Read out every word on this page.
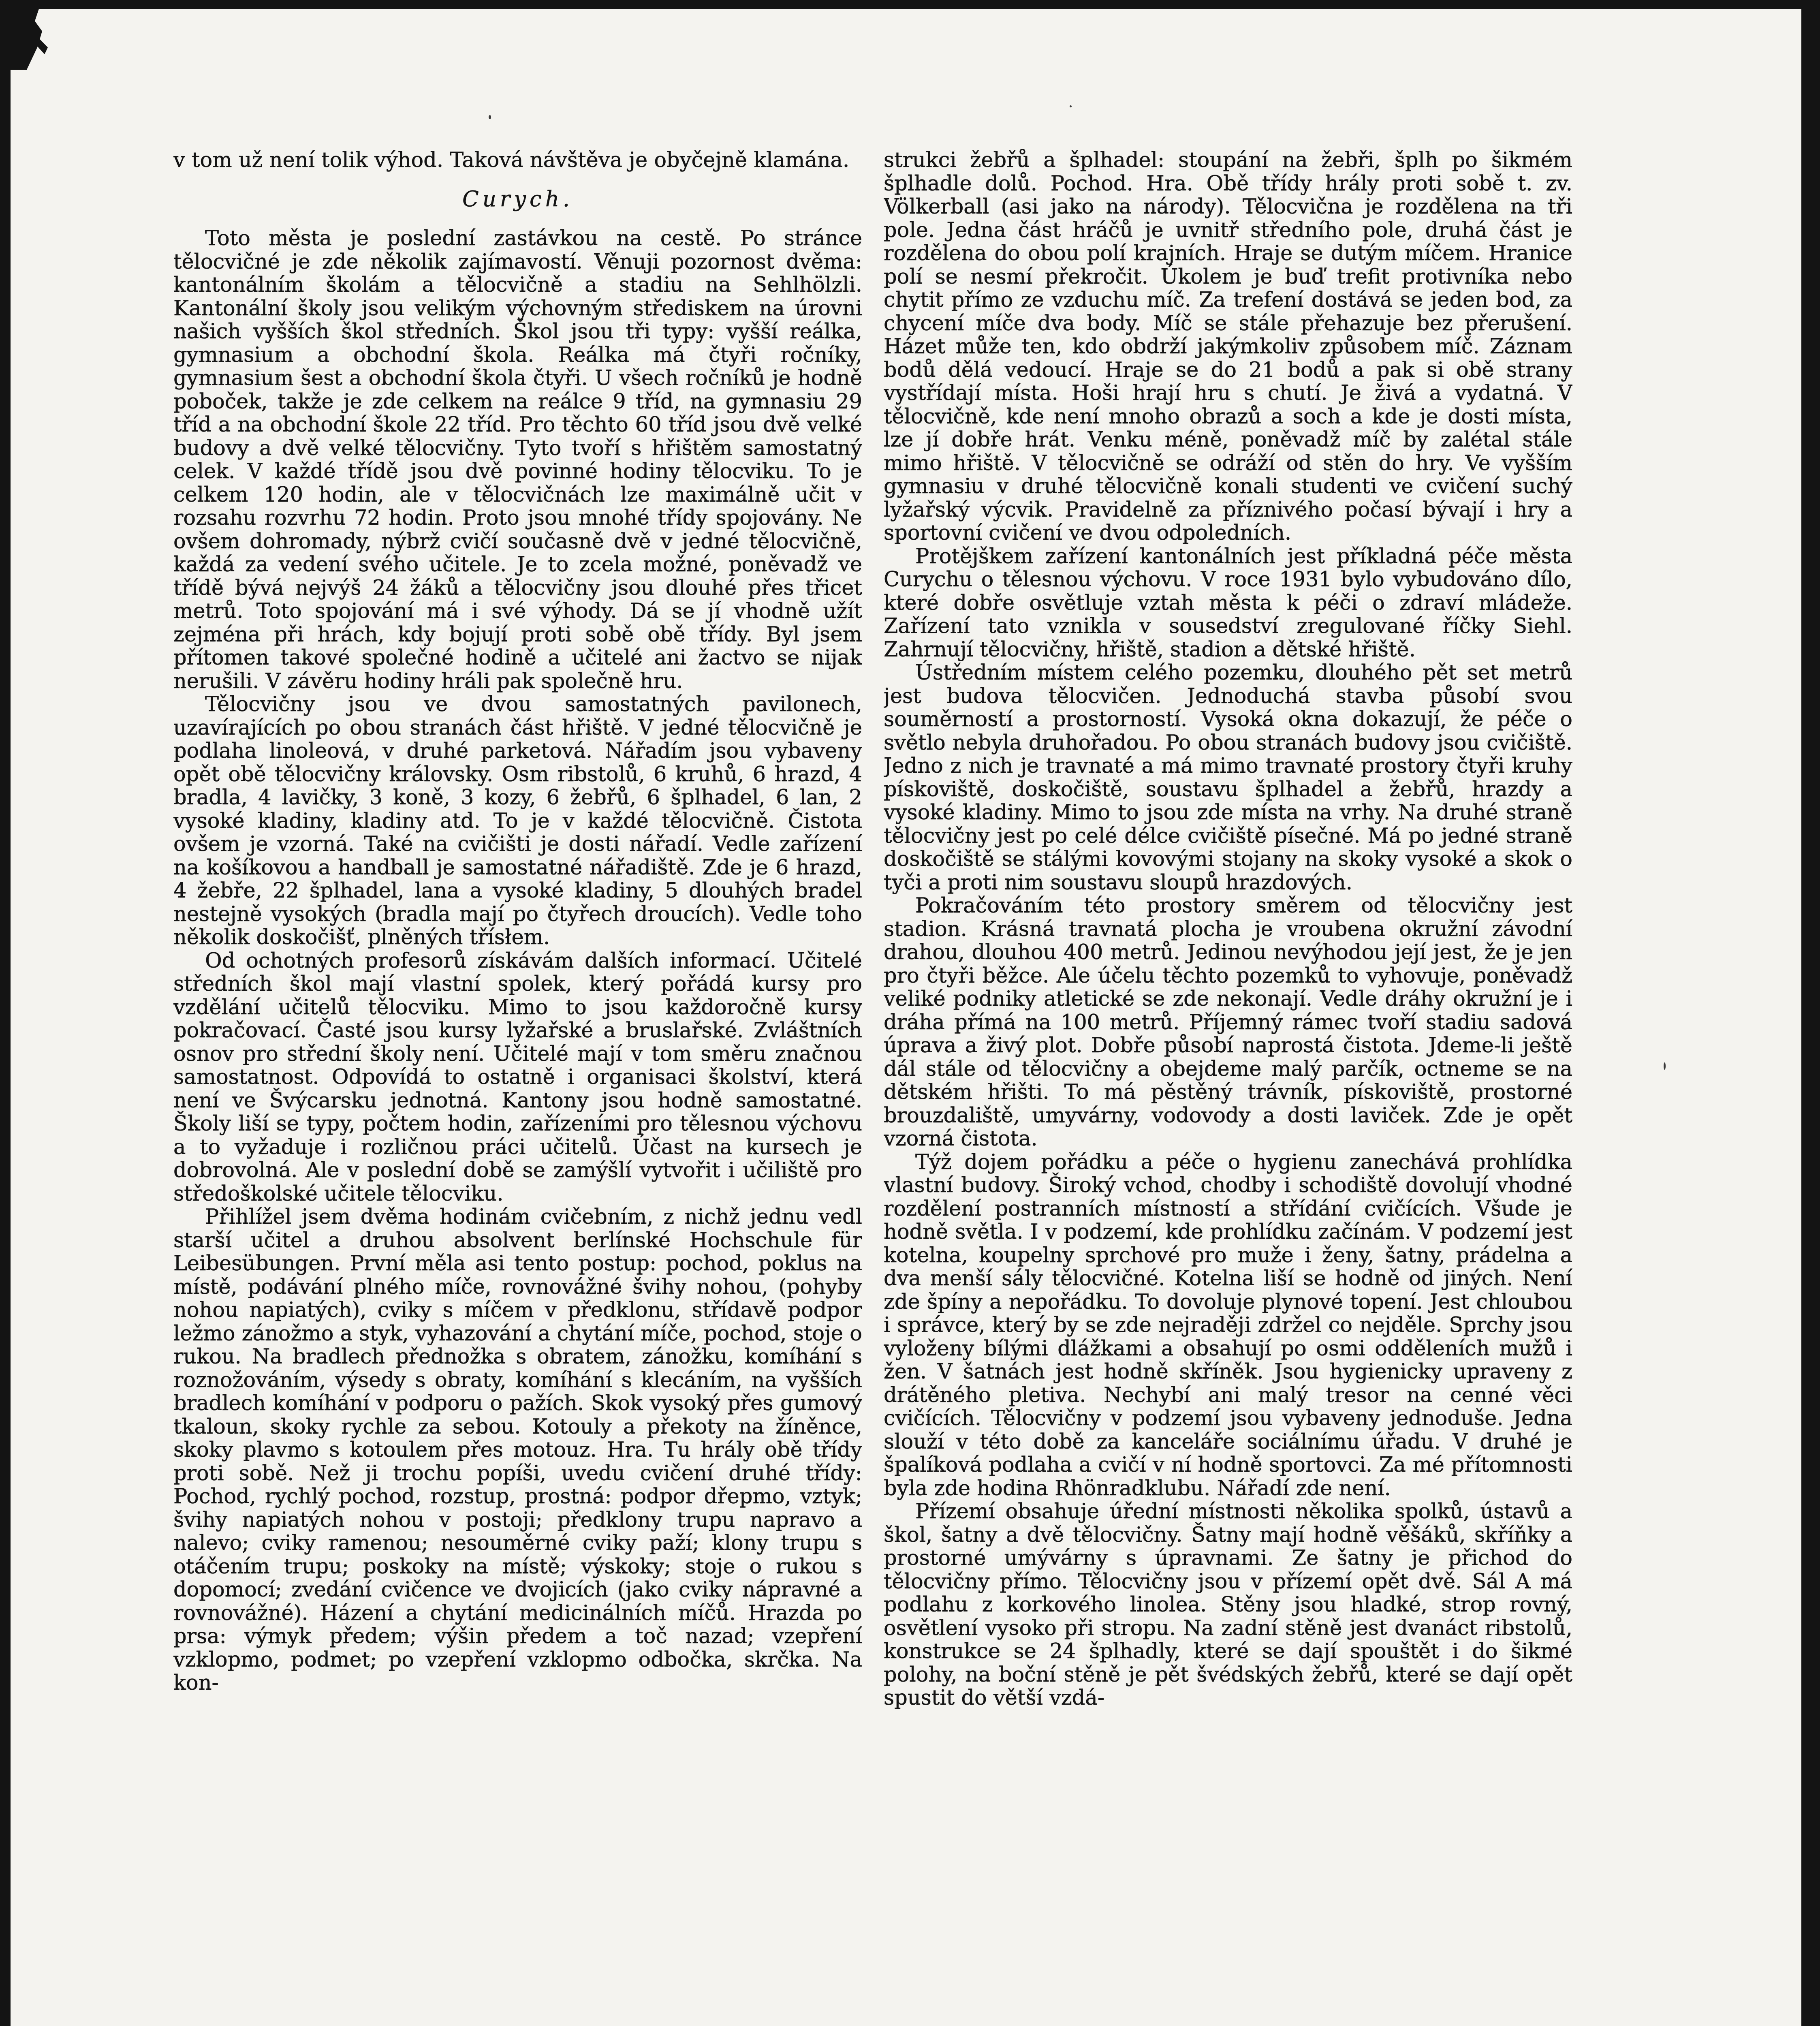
v tom už není tolik výhod. Taková návštěva je obyčejně klamána.

Curych.

Toto města je poslední zastávkou na cestě. Po stránce tělocvičné je zde několik zajímavostí. Věnuji pozornost dvěma: kantonálním školám a tělocvičně a stadiu na Sehlhölzli. Kantonální školy jsou velikým výchovným střediskem na úrovni našich vyšších škol středních. Škol jsou tři typy: vyšší reálka, gymnasium a obchodní škola. Reálka má čtyři ročníky, gymnasium šest a obchodní škola čtyři. U všech ročníků je hodně poboček, takže je zde celkem na reálce 9 tříd, na gymnasiu 29 tříd a na obchodní škole 22 tříd. Pro těchto 60 tříd jsou dvě velké budovy a dvě velké tělocvičny. Tyto tvoří s hřištěm samostatný celek. V každé třídě jsou dvě povinné hodiny tělocviku. To je celkem 120 hodin, ale v tělocvičnách lze maximálně učit v rozsahu rozvrhu 72 hodin. Proto jsou mnohé třídy spojovány. Ne ovšem dohromady, nýbrž cvičí současně dvě v jedné tělocvičně, každá za vedení svého učitele. Je to zcela možné, poněvadž ve třídě bývá nejvýš 24 žáků a tělocvičny jsou dlouhé přes třicet metrů. Toto spojování má i své výhody. Dá se jí vhodně užít zejména při hrách, kdy bojují proti sobě obě třídy. Byl jsem přítomen takové společné hodině a učitelé ani žactvo se nijak nerušili. V závěru hodiny hráli pak společně hru.

Tělocvičny jsou ve dvou samostatných pavilonech, uzavírajících po obou stranách část hřiště. V jedné tělocvičně je podlaha linoleová, v druhé parketová. Nářadím jsou vybaveny opět obě tělocvičny královsky. Osm ribstolů, 6 kruhů, 6 hrazd, 4 bradla, 4 lavičky, 3 koně, 3 kozy, 6 žebřů, 6 šplhadel, 6 lan, 2 vysoké kladiny, kladiny atd. To je v každé tělocvičně. Čistota ovšem je vzorná. Také na cvičišti je dosti nářadí. Vedle zařízení na košíkovou a handball je samostatné nářadiště. Zde je 6 hrazd, 4 žebře, 22 šplhadel, lana a vysoké kladiny, 5 dlouhých bradel nestejně vysokých (bradla mají po čtyřech droucích). Vedle toho několik doskočišť, plněných třísłem.

Od ochotných profesorů získávám dalších informací. Učitelé středních škol mají vlastní spolek, který pořádá kursy pro vzdělání učitelů tělocviku. Mimo to jsou každoročně kursy pokračovací. Časté jsou kursy lyžařské a bruslařské. Zvláštních osnov pro střední školy není. Učitelé mají v tom směru značnou samostatnost. Odpovídá to ostatně i organisaci školství, která není ve Švýcarsku jednotná. Kantony jsou hodně samostatné. Školy liší se typy, počtem hodin, zařízeními pro tělesnou výchovu a to vyžaduje i rozličnou práci učitelů. Účast na kursech je dobrovolná. Ale v poslední době se zamýšlí vytvořit i učiliště pro středoškolské učitele tělocviku.

Přihlížel jsem dvěma hodinám cvičebním, z nichž jednu vedl starší učitel a druhou absolvent berlínské Hochschule für Leibesübungen. První měla asi tento postup: pochod, poklus na místě, podávání plného míče, rovnovážné švihy nohou, (pohyby nohou napiatých), cviky s míčem v předklonu, střídavě podpor ležmo zánožmo a styk, vyhazování a chytání míče, pochod, stoje o rukou. Na bradlech přednožka s obratem, zánožku, komíhání s roznožováním, výsedy s obraty, komíhání s klecáním, na vyšších bradlech komíhání v podporu o pažích. Skok vysoký přes gumový tkaloun, skoky rychle za sebou. Kotouly a překoty na žíněnce, skoky plavmo s kotoulem přes motouz. Hra. Tu hrály obě třídy proti sobě. Než ji trochu popíši, uvedu cvičení druhé třídy: Pochod, rychlý pochod, rozstup, prostná: podpor dřepmo, vztyk; švihy napiatých nohou v postoji; předklony trupu napravo a nalevo; cviky ramenou; nesouměrné cviky paží; klony trupu s otáčením trupu; poskoky na místě; výskoky; stoje o rukou s dopomocí; zvedání cvičence ve dvojicích (jako cviky nápravné a rovnovážné). Házení a chytání medicinálních míčů. Hrazda po prsa: výmyk předem; výšin předem a toč nazad; vzepření vzklopmo, podmet; po vzepření vzklopmo odbočka, skrčka. Na kon-

strukci žebřů a šplhadel: stoupání na žebři, šplh po šikmém šplhadle dolů. Pochod. Hra. Obě třídy hrály proti sobě t. zv. Völkerball (asi jako na národy). Tělocvična je rozdělena na tři pole. Jedna část hráčů je uvnitř středního pole, druhá část je rozdělena do obou polí krajních. Hraje se dutým míčem. Hranice polí se nesmí překročit. Úkolem je buď trefit protivníka nebo chytit přímo ze vzduchu míč. Za trefení dostává se jeden bod, za chycení míče dva body. Míč se stále přehazuje bez přerušení. Házet může ten, kdo obdrží jakýmkoliv způsobem míč. Záznam bodů dělá vedoucí. Hraje se do 21 bodů a pak si obě strany vystřídají místa. Hoši hrají hru s chutí. Je živá a vydatná. V tělocvičně, kde není mnoho obrazů a soch a kde je dosti místa, lze jí dobře hrát. Venku méně, poněvadž míč by zalétal stále mimo hřiště. V tělocvičně se odráží od stěn do hry. Ve vyšším gymnasiu v druhé tělocvičně konali studenti ve cvičení suchý lyžařský výcvik. Pravidelně za příznivého počasí bývají i hry a sportovní cvičení ve dvou odpoledních.

Protějškem zařízení kantonálních jest příkladná péče města Curychu o tělesnou výchovu. V roce 1931 bylo vybudováno dílo, které dobře osvětluje vztah města k péči o zdraví mládeže. Zařízení tato vznikla v sousedství zregulované říčky Siehl. Zahrnují tělocvičny, hřiště, stadion a dětské hřiště.

Ústředním místem celého pozemku, dlouhého pět set metrů jest budova tělocvičen. Jednoduchá stavba působí svou souměrností a prostorností. Vysoká okna dokazují, že péče o světlo nebyla druhořadou. Po obou stranách budovy jsou cvičiště. Jedno z nich je travnaté a má mimo travnaté prostory čtyři kruhy pískoviště, doskočiště, soustavu šplhadel a žebřů, hrazdy a vysoké kladiny. Mimo to jsou zde místa na vrhy. Na druhé straně tělocvičny jest po celé délce cvičiště písečné. Má po jedné straně doskočiště se stálými kovovými stojany na skoky vysoké a skok o tyči a proti nim soustavu sloupů hrazdových.

Pokračováním této prostory směrem od tělocvičny jest stadion. Krásná travnatá plocha je vroubena okružní závodní drahou, dlouhou 400 metrů. Jedinou nevýhodou její jest, že je jen pro čtyři běžce. Ale účelu těchto pozemků to vyhovuje, poněvadž veliké podniky atletické se zde nekonají. Vedle dráhy okružní je i dráha přímá na 100 metrů. Příjemný rámec tvoří stadiu sadová úprava a živý plot. Dobře působí naprostá čistota. Jdeme-li ještě dál stále od tělocvičny a obejdeme malý parčík, octneme se na dětském hřišti. To má pěstěný trávník, pískoviště, prostorné brouzdaliště, umyvárny, vodovody a dosti laviček. Zde je opět vzorná čistota.

Týž dojem pořádku a péče o hygienu zanechává prohlídka vlastní budovy. Široký vchod, chodby i schodiště dovolují vhodné rozdělení postranních místností a střídání cvičících. Všude je hodně světla. I v podzemí, kde prohlídku začínám. V podzemí jest kotelna, koupelny sprchové pro muže i ženy, šatny, prádelna a dva menší sály tělocvičné. Kotelna liší se hodně od jiných. Není zde špíny a nepořádku. To dovoluje plynové topení. Jest chloubou i správce, který by se zde nejraději zdržel co nejděle. Sprchy jsou vyloženy bílými dlážkami a obsahují po osmi odděleních mužů i žen. V šatnách jest hodně skříněk. Jsou hygienicky upraveny z drátěného pletiva. Nechybí ani malý tresor na cenné věci cvičících. Tělocvičny v podzemí jsou vybaveny jednoduše. Jedna slouží v této době za kanceláře sociálnímu úřadu. V druhé je špalíková podlaha a cvičí v ní hodně sportovci. Za mé přítomnosti byla zde hodina Rhönradklubu. Nářadí zde není.

Přízemí obsahuje úřední místnosti několika spolků, ústavů a škol, šatny a dvě tělocvičny. Šatny mají hodně věšáků, skříňky a prostorné umývárny s úpravnami. Ze šatny je přichod do tělocvičny přímo. Tělocvičny jsou v přízemí opět dvě. Sál A má podlahu z korkového linolea. Stěny jsou hladké, strop rovný, osvětlení vysoko při stropu. Na zadní stěně jest dvanáct ribstolů, konstrukce se 24 šplhadly, které se dají spouštět i do šikmé polohy, na boční stěně je pět švédských žebřů, které se dají opět spustit do větší vzdá-
